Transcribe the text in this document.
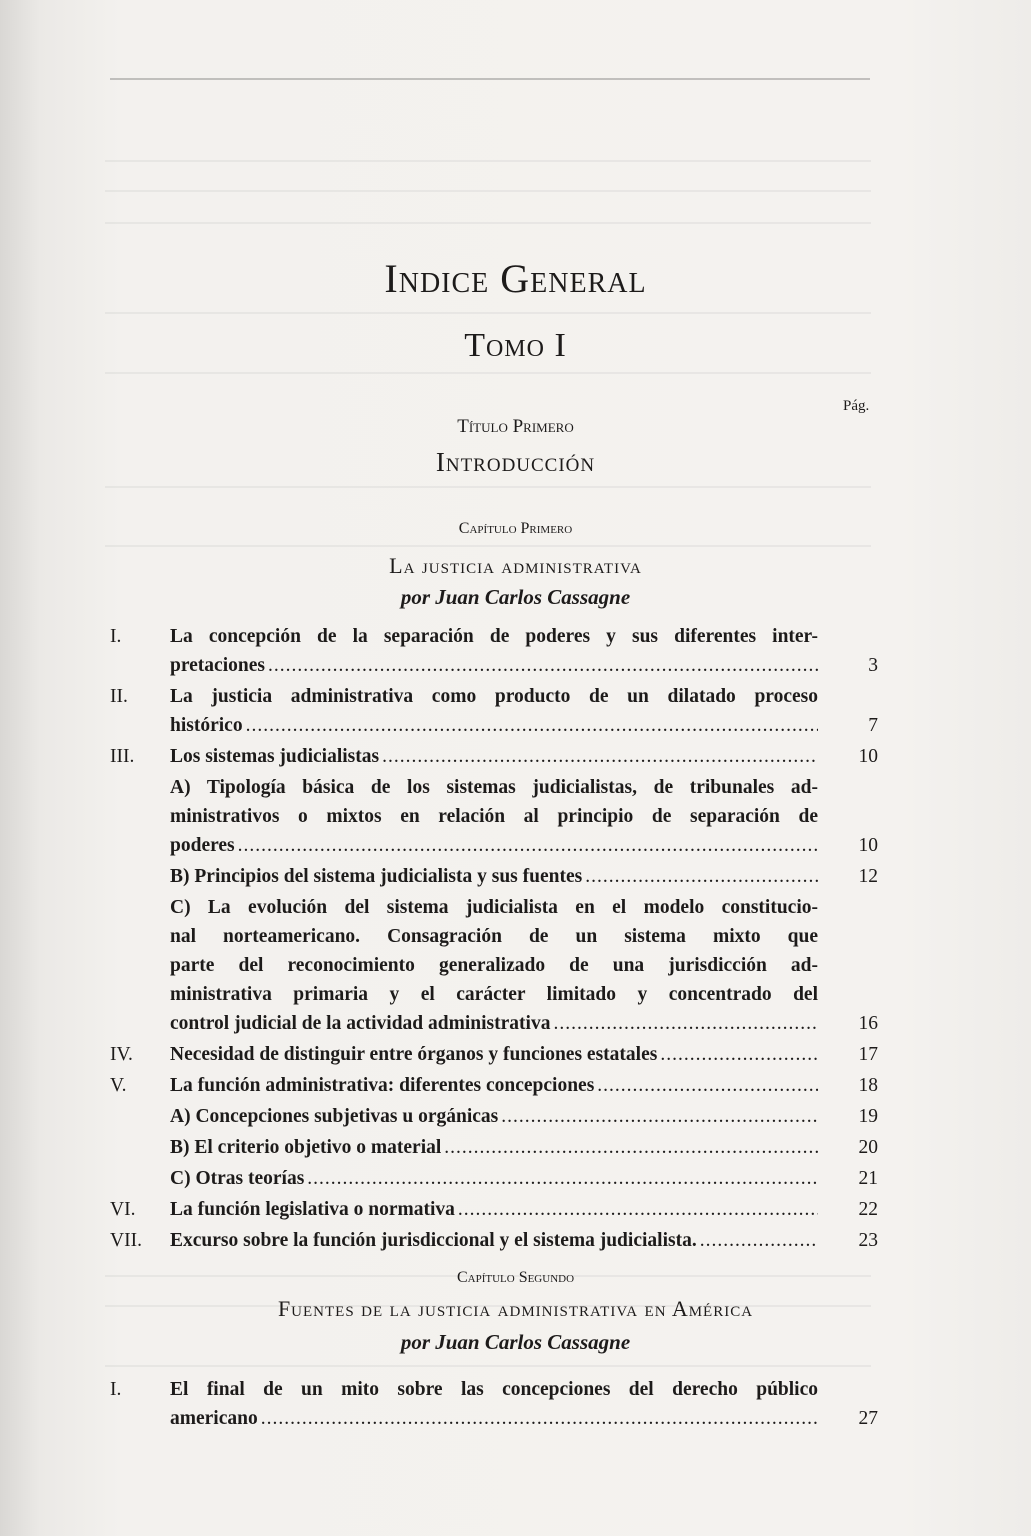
Pág.
Indice General
Tomo I
Título Primero
Introducción
Capítulo Primero
La justicia administrativa
por Juan Carlos Cassagne
I.	La concepción de la separación de poderes y sus diferentes inter-
pretaciones .....	3
II.	La justicia administrativa como producto de un dilatado proceso
histórico .....	7
III.	Los sistemas judicialistas .....	10
A) Tipología básica de los sistemas judicialistas, de tribunales ad-
ministrativos o mixtos en relación al principio de separación de
poderes .....	10
B) Principios del sistema judicialista y sus fuentes .....	12
C) La evolución del sistema judicialista en el modelo constitucio-
nal norteamericano. Consagración de un sistema mixto que
parte del reconocimiento generalizado de una jurisdicción ad-
ministrativa primaria y el carácter limitado y concentrado del
control judicial de la actividad administrativa .....	16
IV.	Necesidad de distinguir entre órganos y funciones estatales .....	17
V.	La función administrativa: diferentes concepciones .....	18
A) Concepciones subjetivas u orgánicas .....	19
B) El criterio objetivo o material .....	20
C) Otras teorías .....	21
VI.	La función legislativa o normativa .....	22
VII.	Excurso sobre la función jurisdiccional y el sistema judicialista. .....	23
Capítulo Segundo
Fuentes de la justicia administrativa en América
por Juan Carlos Cassagne
I.	El final de un mito sobre las concepciones del derecho público
americano .....	27
